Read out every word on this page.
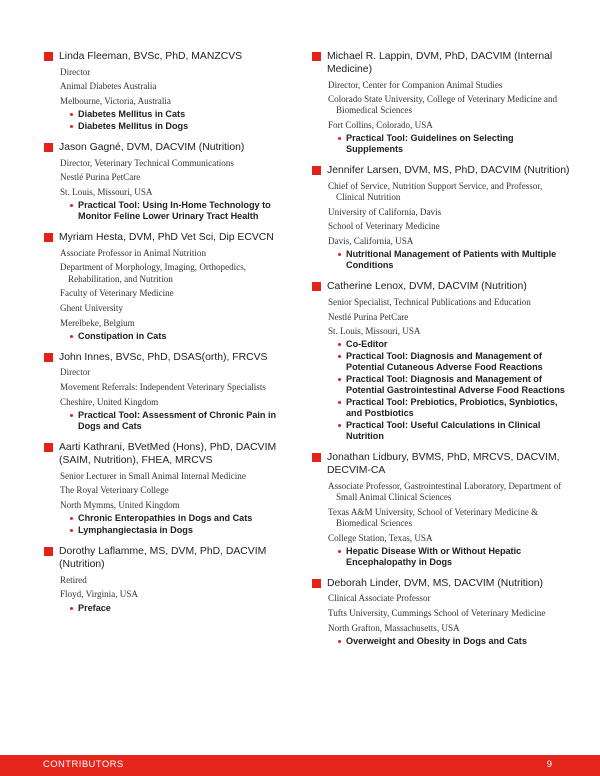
Linda Fleeman, BVSc, PhD, MANZCVS
Director
Animal Diabetes Australia
Melbourne, Victoria, Australia
Diabetes Mellitus in Cats
Diabetes Mellitus in Dogs
Jason Gagné, DVM, DACVIM (Nutrition)
Director, Veterinary Technical Communications
Nestlé Purina PetCare
St. Louis, Missouri, USA
Practical Tool: Using In-Home Technology to Monitor Feline Lower Urinary Tract Health
Myriam Hesta, DVM, PhD Vet Sci, Dip ECVCN
Associate Professor in Animal Nutrition
Department of Morphology, Imaging, Orthopedics, Rehabilitation, and Nutrition
Faculty of Veterinary Medicine
Ghent University
Merelbeke, Belgium
Constipation in Cats
John Innes, BVSc, PhD, DSAS(orth), FRCVS
Director
Movement Referrals: Independent Veterinary Specialists
Cheshire, United Kingdom
Practical Tool: Assessment of Chronic Pain in Dogs and Cats
Aarti Kathrani, BVetMed (Hons), PhD, DACVIM (SAIM, Nutrition), FHEA, MRCVS
Senior Lecturer in Small Animal Internal Medicine
The Royal Veterinary College
North Mymms, United Kingdom
Chronic Enteropathies in Dogs and Cats
Lymphangiectasia in Dogs
Dorothy Laflamme, MS, DVM, PhD, DACVIM (Nutrition)
Retired
Floyd, Virginia, USA
Preface
Michael R. Lappin, DVM, PhD, DACVIM (Internal Medicine)
Director, Center for Companion Animal Studies
Colorado State University, College of Veterinary Medicine and Biomedical Sciences
Fort Collins, Colorado, USA
Practical Tool: Guidelines on Selecting Supplements
Jennifer Larsen, DVM, MS, PhD, DACVIM (Nutrition)
Chief of Service, Nutrition Support Service, and Professor, Clinical Nutrition
University of California, Davis
School of Veterinary Medicine
Davis, California, USA
Nutritional Management of Patients with Multiple Conditions
Catherine Lenox, DVM, DACVIM (Nutrition)
Senior Specialist, Technical Publications and Education
Nestlé Purina PetCare
St. Louis, Missouri, USA
Co-Editor
Practical Tool: Diagnosis and Management of Potential Cutaneous Adverse Food Reactions
Practical Tool: Diagnosis and Management of Potential Gastrointestinal Adverse Food Reactions
Practical Tool: Prebiotics, Probiotics, Synbiotics, and Postbiotics
Practical Tool: Useful Calculations in Clinical Nutrition
Jonathan Lidbury, BVMS, PhD, MRCVS, DACVIM, DECVIM-CA
Associate Professor, Gastrointestinal Laboratory, Department of Small Animal Clinical Sciences
Texas A&M University, School of Veterinary Medicine & Biomedical Sciences
College Station, Texas, USA
Hepatic Disease With or Without Hepatic Encephalopathy in Dogs
Deborah Linder, DVM, MS, DACVIM (Nutrition)
Clinical Associate Professor
Tufts University, Cummings School of Veterinary Medicine
North Grafton, Massachusetts, USA
Overweight and Obesity in Dogs and Cats
CONTRIBUTORS	9
